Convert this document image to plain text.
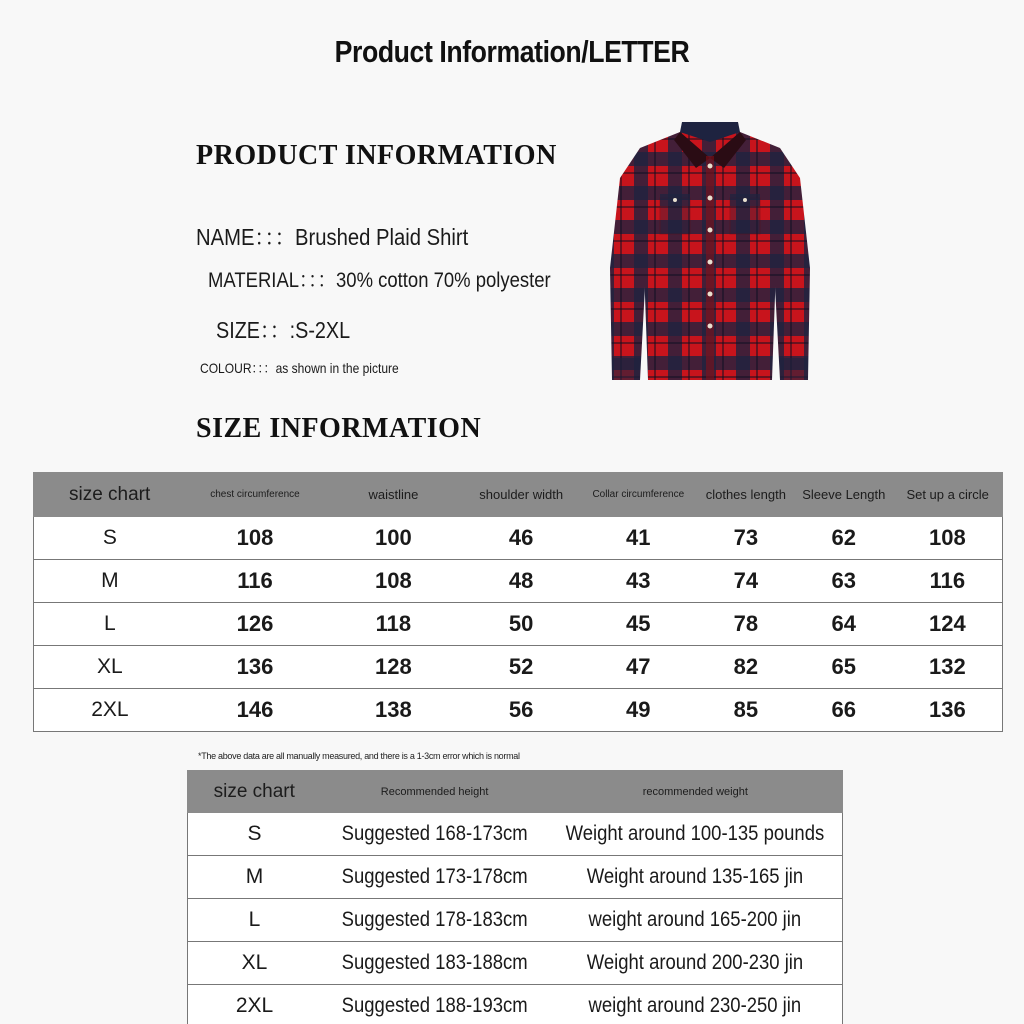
Product Information/LETTER
PRODUCT INFORMATION
NAME：：：Brushed Plaid Shirt
MATERIAL：：：30% cotton 70% polyester
SIZE：：:S-2XL
COLOUR：：：as shown in the picture
SIZE INFORMATION
size chart	chest circumference	waistline	shoulder width	Collar circumference	clothes length	Sleeve Length	Set up a circle
S	108	100	46	41	73	62	108
M	116	108	48	43	74	63	116
L	126	118	50	45	78	64	124
XL	136	128	52	47	82	65	132
2XL	146	138	56	49	85	66	136
*The above data are all manually measured, and there is a 1-3cm error which is normal
size chart	Recommended height	recommended weight
S	Suggested 168-173cm	Weight around 100-135 pounds
M	Suggested 173-178cm	Weight around 135-165 jin
L	Suggested 178-183cm	weight around 165-200 jin
XL	Suggested 183-188cm	Weight around 200-230 jin
2XL	Suggested 188-193cm	weight around 230-250 jin
